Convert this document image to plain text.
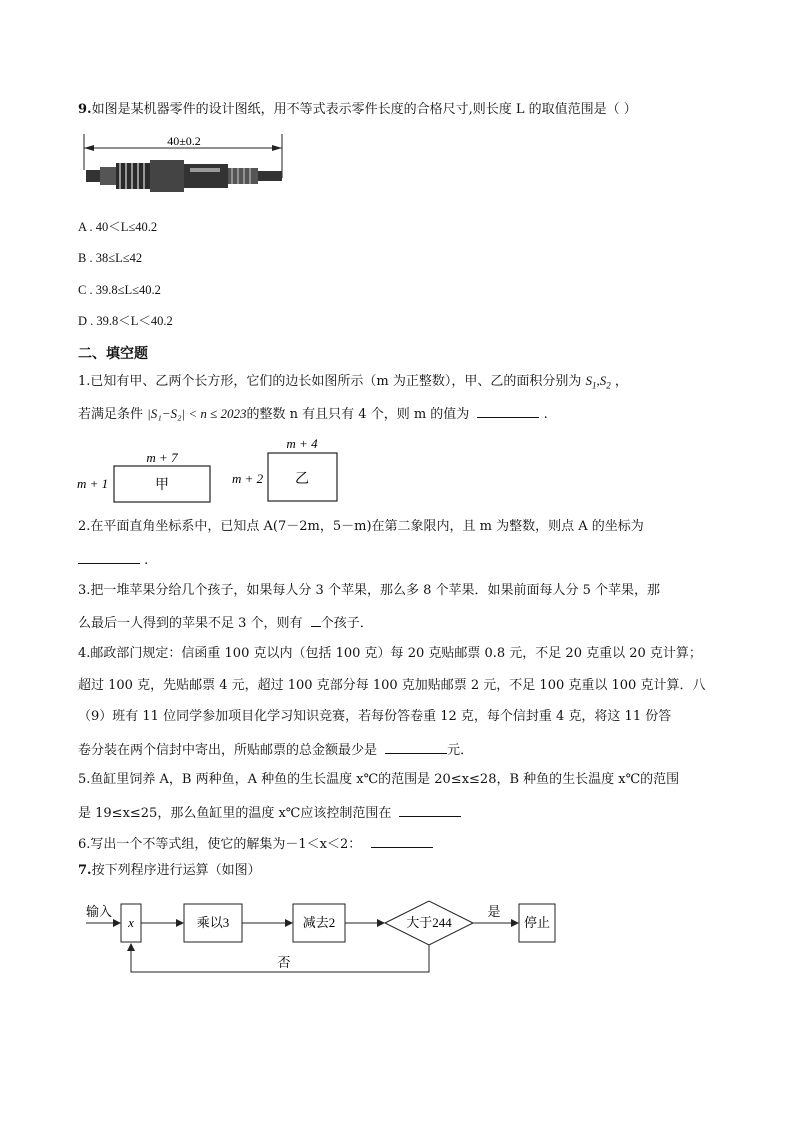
9.如图是某机器零件的设计图纸，用不等式表示零件长度的合格尺寸,则长度 L 的取值范围是（ ）
40±0.2
A . 40＜L≤40.2
B . 38≤L≤42
C . 39.8≤L≤40.2
D . 39.8＜L＜40.2
二、填空题
1.已知有甲、乙两个长方形，它们的边长如图所示（m 为正整数），甲、乙的面积分别为 $S_1,S_2$ ，
若满足条件 |S₁−S₂| < n ≤ 2023的整数 n 有且只有 4 个，则 m 的值为	.
m + 7
m + 1	甲
m + 4
m + 2 乙
2.在平面直角坐标系中，已知点 A(7－2m，5－m)在第二象限内，且 m 为整数，则点 A 的坐标为
.
3.把一堆苹果分给几个孩子，如果每人分 3 个苹果，那么多 8 个苹果．如果前面每人分 5 个苹果，那
么最后一人得到的苹果不足 3 个，则有 个孩子．
4.邮政部门规定：信函重 100 克以内（包括 100 克）每 20 克贴邮票 0.8 元，不足 20 克重以 20 克计算；
超过 100 克，先贴邮票 4 元，超过 100 克部分每 100 克加贴邮票 2 元，不足 100 克重以 100 克计算．八
（9）班有 11 位同学参加项目化学习知识竞赛，若每份答卷重 12 克，每个信封重 4 克，将这 11 份答
卷分装在两个信封中寄出，所贴邮票的总金额最少是	元．
5.鱼缸里饲养 A，B 两种鱼，A 种鱼的生长温度 x℃的范围是 20≤x≤28，B 种鱼的生长温度 x℃的范围
是 19≤x≤25，那么鱼缸里的温度 x℃应该控制范围在
6.写出一个不等式组，使它的解集为－1＜x＜2：
7.按下列程序进行运算（如图）
输入
x	乘以3	减去2	大于244
是
停止
否
